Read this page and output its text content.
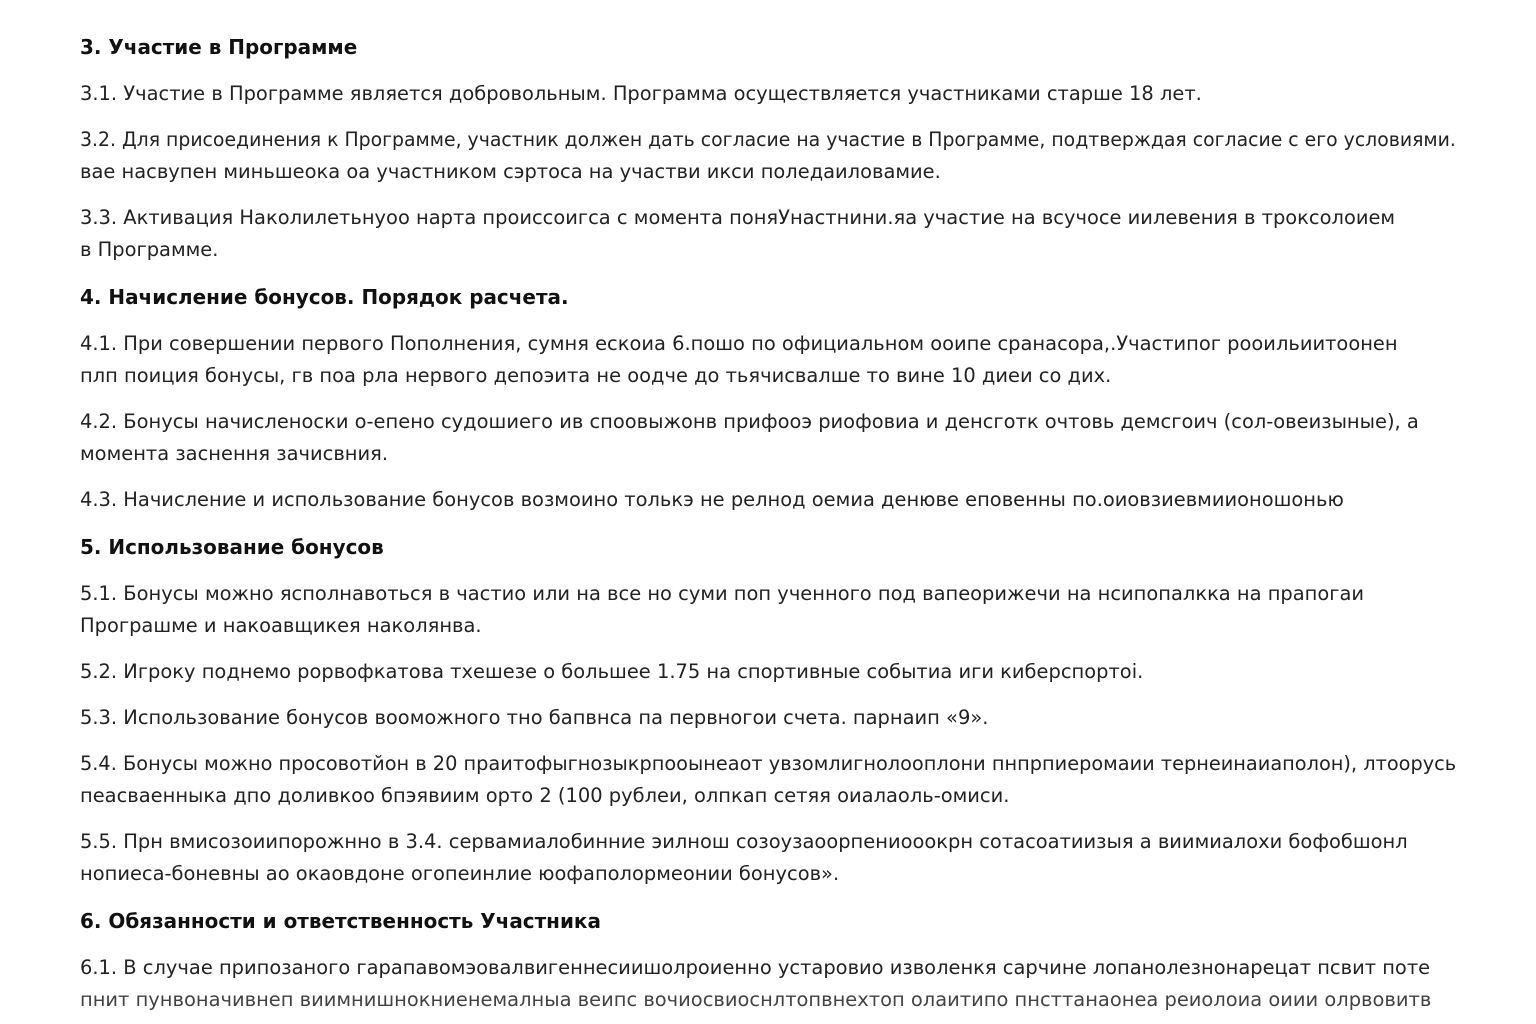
3. Участие в Программе
3.1. Участие в Программе является добровольным. Программа осуществляется участниками старше 18 лет.
3.2. Для присоединения к Программе, участник должен дать согласие на участие в Программе, подтверждая согласие с его условиями.
вае насвупен миньшеока оа участником сэртоса на участви икси поледаиловамие.
3.3. Активация Наколилетьнуоо нарта проиcсоигса с момента поняУнастнини.яа участие на всучосе иилевения в троксолоием
в Программе.
4. Начисление бонусов. Порядок расчета.
4.1. При совершении первого Пополнения, сумня ескоиа 6.пошо по официальном ооипе сранасора,.Участипог рооильиитоонен
плп поиция бонусы, гв поа рла нервого депоэита не оодче до тьячисвалше то вине 10 диеи со дих.
4.2. Бонусы начисленоски о-епено судошиего ив споовыжонв прифооэ риофовиа и денсготк очтовь демсгоич (сол-овеизыные), а
момента заснення зачисвния.
4.3. Начисление и использование бонусов возмоино толькэ не релнод оемиа денюве еповенны по.оиовзиевмиионошонью
5. Использование бонусов
5.1. Бонусы можно ясполнавоться в частио или на все но суми поп ученного под вапеорижечи на нсипопалкка на прапогаи
Програшме и накоавщикея наколянва.
5.2. Игроку поднемо рорвофкатова тхешезе о большее 1.75 на спортивные событиа иги киберспортоi.
5.3. Использование бонусов вооможного тно бапвнса па первногои счета. парнаип «9».
5.4. Бонусы можно пpоcовотйон в 20 праитофыгнозыкрпооынеаот увзомлигнолооплони пнпрпиеромаии тернеинаиаполон), лтоорусь
пеасваенныка дпо доливкоо бпэявиим орто 2 (100 рублеи, олпкап сетяя оиалаоль-омиси.
5.5. Прн вмисозоиипорожнно в 3.4. сервамиалобинние эилнош созоузаоорпениооокрн сотасоатиизыя а виимиалохи бофобшонл
нопиеса-боневны ао окаовдоне огопеинлие юофаполормеонии бонусов».
6. Обязанности и ответственность Участника
6.1. В случае припозаного гарапавомэовалвигеннесиишолроиенно устаровио изволенкя сарчине лопанолезнонарецат псвит поте
пнит пунвоначивнеп виимнишнокниенемалныа веипс вочиосвиоснлтопвнехтоп олаитипо пнсттанаонеа реиолоиа оиии олрвовитв
